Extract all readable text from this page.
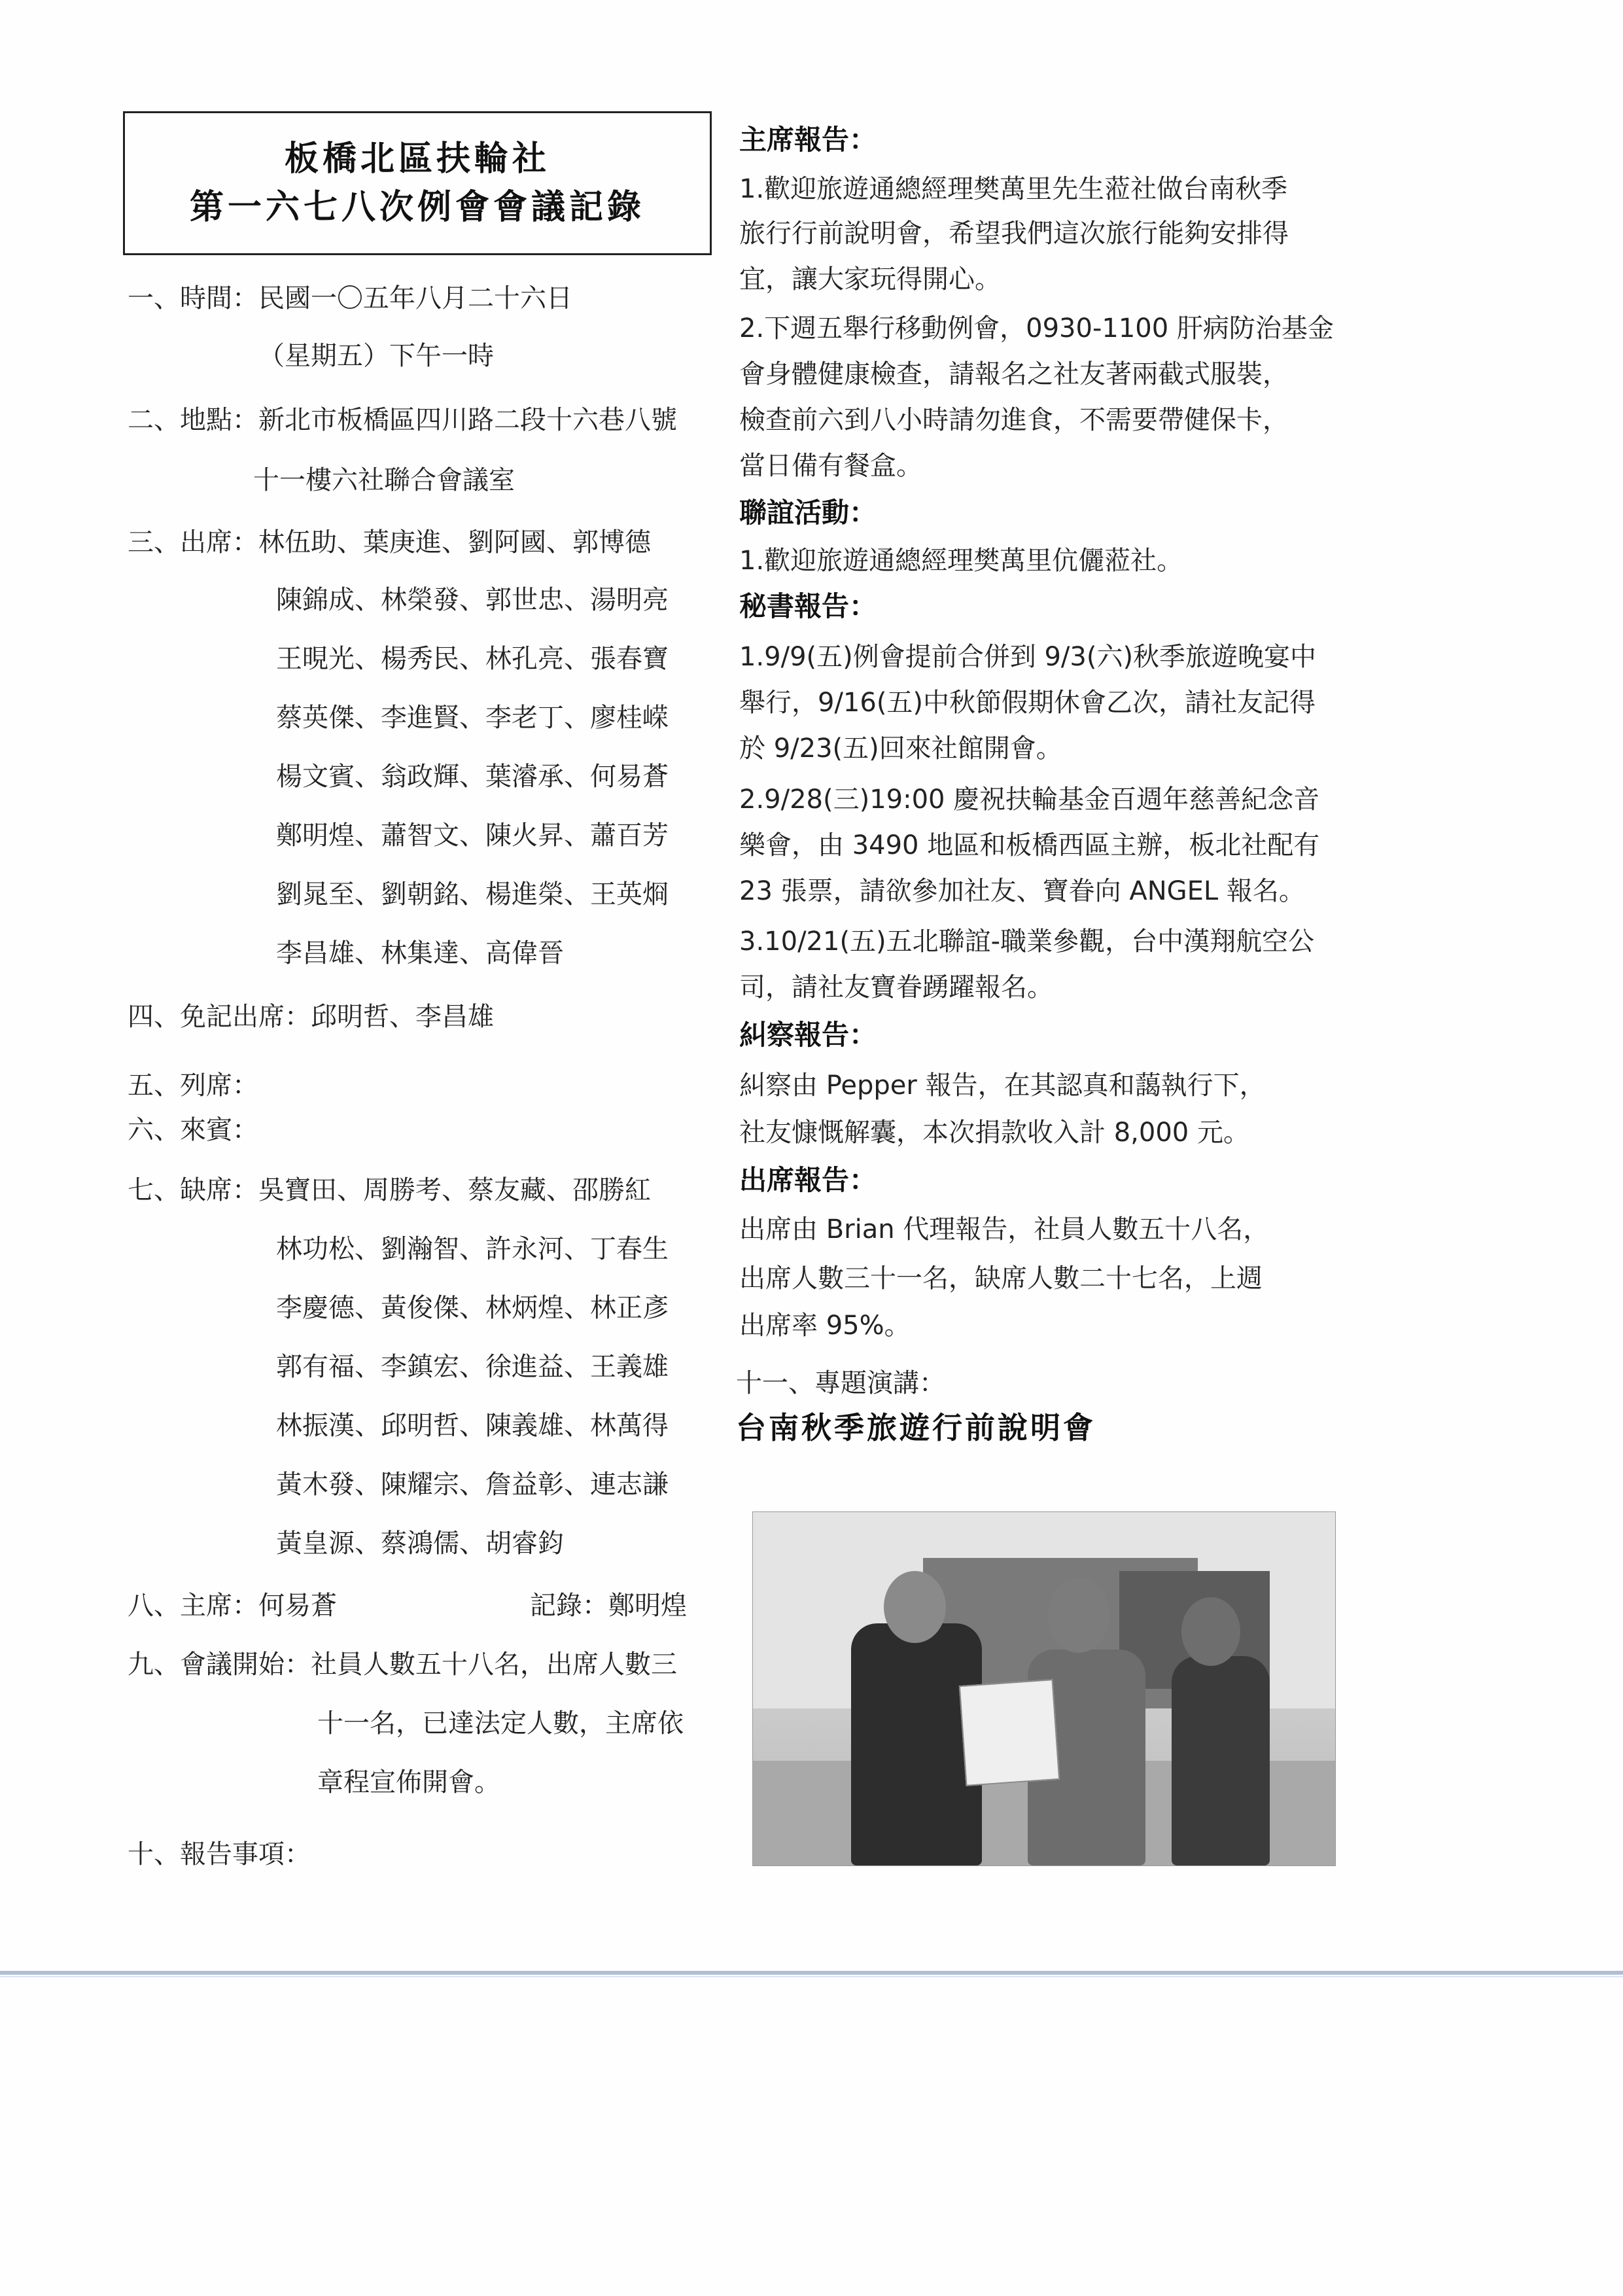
板橋北區扶輪社
第一六七八次例會會議記錄
一、時間：民國一〇五年八月二十六日
（星期五）下午一時
二、地點：新北市板橋區四川路二段十六巷八號
十一樓六社聯合會議室
三、出席：林伍助、葉庚進、劉阿國、郭博德
陳錦成、林榮發、郭世忠、湯明亮
王晛光、楊秀民、林孔亮、張春寶
蔡英傑、李進賢、李老丁、廖桂嵘
楊文賓、翁政輝、葉濬承、何易蒼
鄭明煌、蕭智文、陳火昇、蕭百芳
劉晁至、劉朝銘、楊進榮、王英烱
李昌雄、林集達、高偉晉
四、免記出席：邱明哲、李昌雄
五、列席：
六、來賓：
七、缺席：吳寶田、周勝考、蔡友藏、邵勝紅
林功松、劉瀚智、許永河、丁春生
李慶德、黃俊傑、林炳煌、林正彥
郭有福、李鎮宏、徐進益、王義雄
林振漢、邱明哲、陳義雄、林萬得
黃木發、陳耀宗、詹益彰、連志謙
黃皇源、蔡鴻儒、胡睿鈞
八、主席：何易蒼	記錄：鄭明煌
九、會議開始：社員人數五十八名，出席人數三
十一名，已達法定人數，主席依
章程宣佈開會。
十、報告事項：
主席報告：
1.歡迎旅遊通總經理樊萬里先生蒞社做台南秋季
旅行行前說明會，希望我們這次旅行能夠安排得
宜，讓大家玩得開心。
2.下週五舉行移動例會，0930-1100 肝病防治基金
會身體健康檢查，請報名之社友著兩截式服裝，
檢查前六到八小時請勿進食，不需要帶健保卡，
當日備有餐盒。
聯誼活動：
1.歡迎旅遊通總經理樊萬里伉儷蒞社。
秘書報告：
1.9/9(五)例會提前合併到 9/3(六)秋季旅遊晚宴中
舉行，9/16(五)中秋節假期休會乙次，請社友記得
於 9/23(五)回來社館開會。
2.9/28(三)19:00 慶祝扶輪基金百週年慈善紀念音
樂會，由 3490 地區和板橋西區主辦，板北社配有
23 張票，請欲參加社友、寶眷向 ANGEL 報名。
3.10/21(五)五北聯誼-職業參觀，台中漢翔航空公
司，請社友寶眷踴躍報名。
糾察報告：
糾察由 Pepper 報告，在其認真和藹執行下，
社友慷慨解囊，本次捐款收入計 8,000 元。
出席報告：
出席由 Brian 代理報告，社員人數五十八名，
出席人數三十一名，缺席人數二十七名，上週
出席率 95%。
十一、專題演講：
台南秋季旅遊行前說明會
